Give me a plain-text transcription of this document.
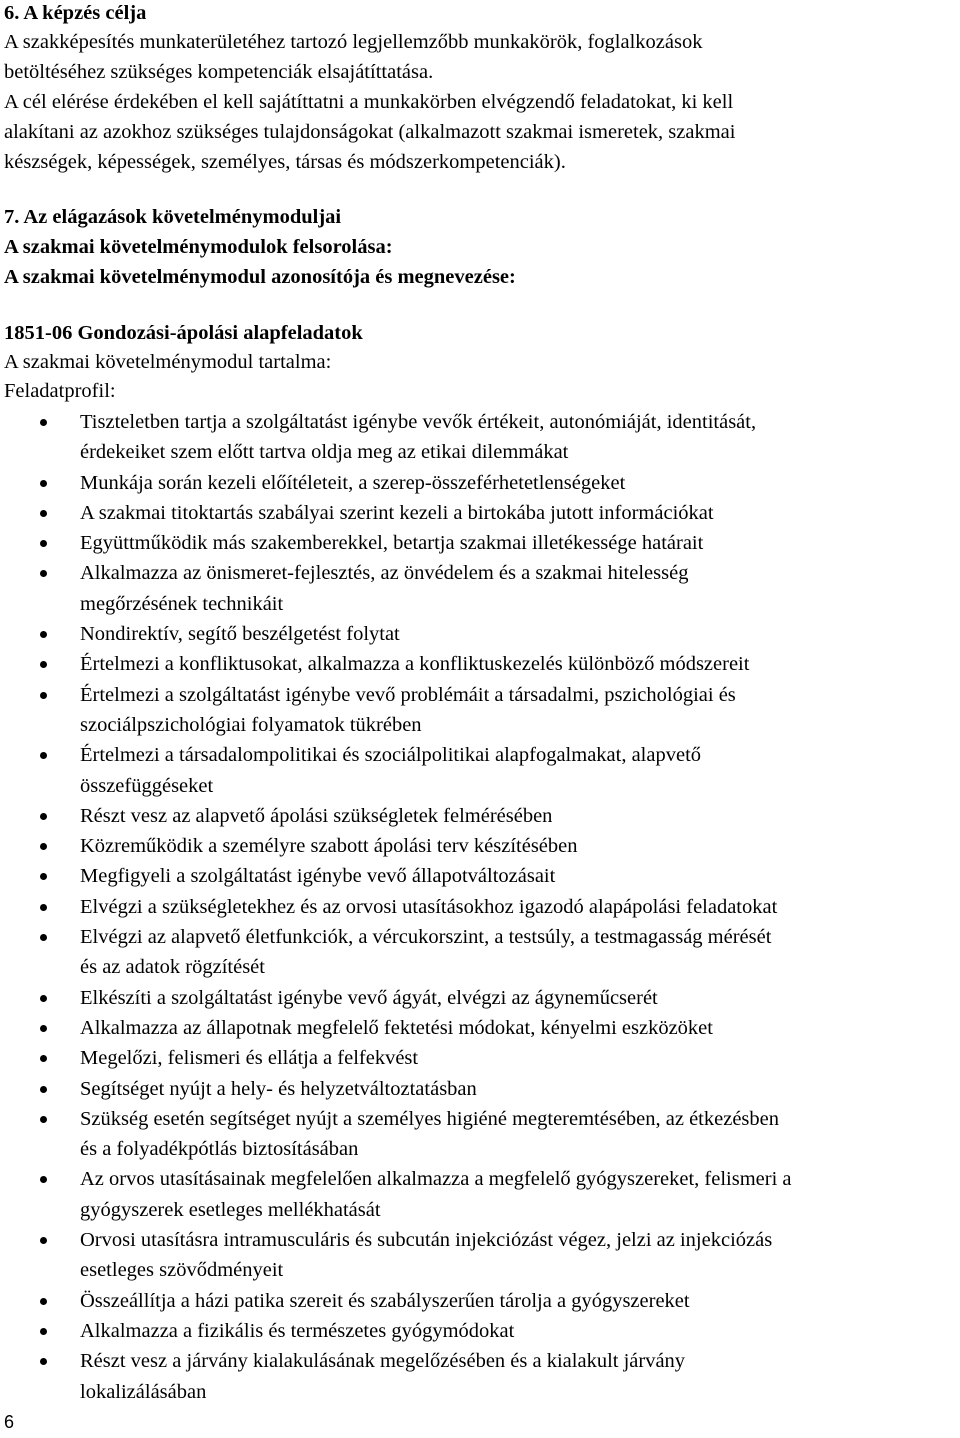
6. A képzés célja
A szakképesítés munkaterületéhez tartozó legjellemzőbb munkakörök, foglalkozások
betöltéséhez szükséges kompetenciák elsajátíttatása.
A cél elérése érdekében el kell sajátíttatni a munkakörben elvégzendő feladatokat, ki kell
alakítani az azokhoz szükséges tulajdonságokat (alkalmazott szakmai ismeretek, szakmai
készségek, képességek, személyes, társas és módszerkompetenciák).
7. Az elágazások követelménymoduljai
A szakmai követelménymodulok felsorolása:
A szakmai követelménymodul azonosítója és megnevezése:
1851-06 Gondozási-ápolási alapfeladatok
A szakmai követelménymodul tartalma:
Feladatprofil:
Tiszteletben tartja a szolgáltatást igénybe vevők értékeit, autonómiáját, identitását,
érdekeiket szem előtt tartva oldja meg az etikai dilemmákat
Munkája során kezeli előítéleteit, a szerep-összeférhetetlenségeket
A szakmai titoktartás szabályai szerint kezeli a birtokába jutott információkat
Együttműködik más szakemberekkel, betartja szakmai illetékessége határait
Alkalmazza az önismeret-fejlesztés, az önvédelem és a szakmai hitelesség
megőrzésének technikáit
Nondirektív, segítő beszélgetést folytat
Értelmezi a konfliktusokat, alkalmazza a konfliktuskezelés különböző módszereit
Értelmezi a szolgáltatást igénybe vevő problémáit a társadalmi, pszichológiai és
szociálpszichológiai folyamatok tükrében
Értelmezi a társadalompolitikai és szociálpolitikai alapfogalmakat, alapvető
összefüggéseket
Részt vesz az alapvető ápolási szükségletek felmérésében
Közreműködik a személyre szabott ápolási terv készítésében
Megfigyeli a szolgáltatást igénybe vevő állapotváltozásait
Elvégzi a szükségletekhez és az orvosi utasításokhoz igazodó alapápolási feladatokat
Elvégzi az alapvető életfunkciók, a vércukorszint, a testsúly, a testmagasság mérését
és az adatok rögzítését
Elkészíti a szolgáltatást igénybe vevő ágyát, elvégzi az ágyneműcserét
Alkalmazza az állapotnak megfelelő fektetési módokat, kényelmi eszközöket
Megelőzi, felismeri és ellátja a felfekvést
Segítséget nyújt a hely- és helyzetváltoztatásban
Szükség esetén segítséget nyújt a személyes higiéné megteremtésében, az étkezésben
és a folyadékpótlás biztosításában
Az orvos utasításainak megfelelően alkalmazza a megfelelő gyógyszereket, felismeri a
gyógyszerek esetleges mellékhatását
Orvosi utasításra intramusculáris és subcután injekciózást végez, jelzi az injekciózás
esetleges szövődményeit
Összeállítja a házi patika szereit és szabályszerűen tárolja a gyógyszereket
Alkalmazza a fizikális és természetes gyógymódokat
Részt vesz a járvány kialakulásának megelőzésében és a kialakult járvány
lokalizálásában
6
